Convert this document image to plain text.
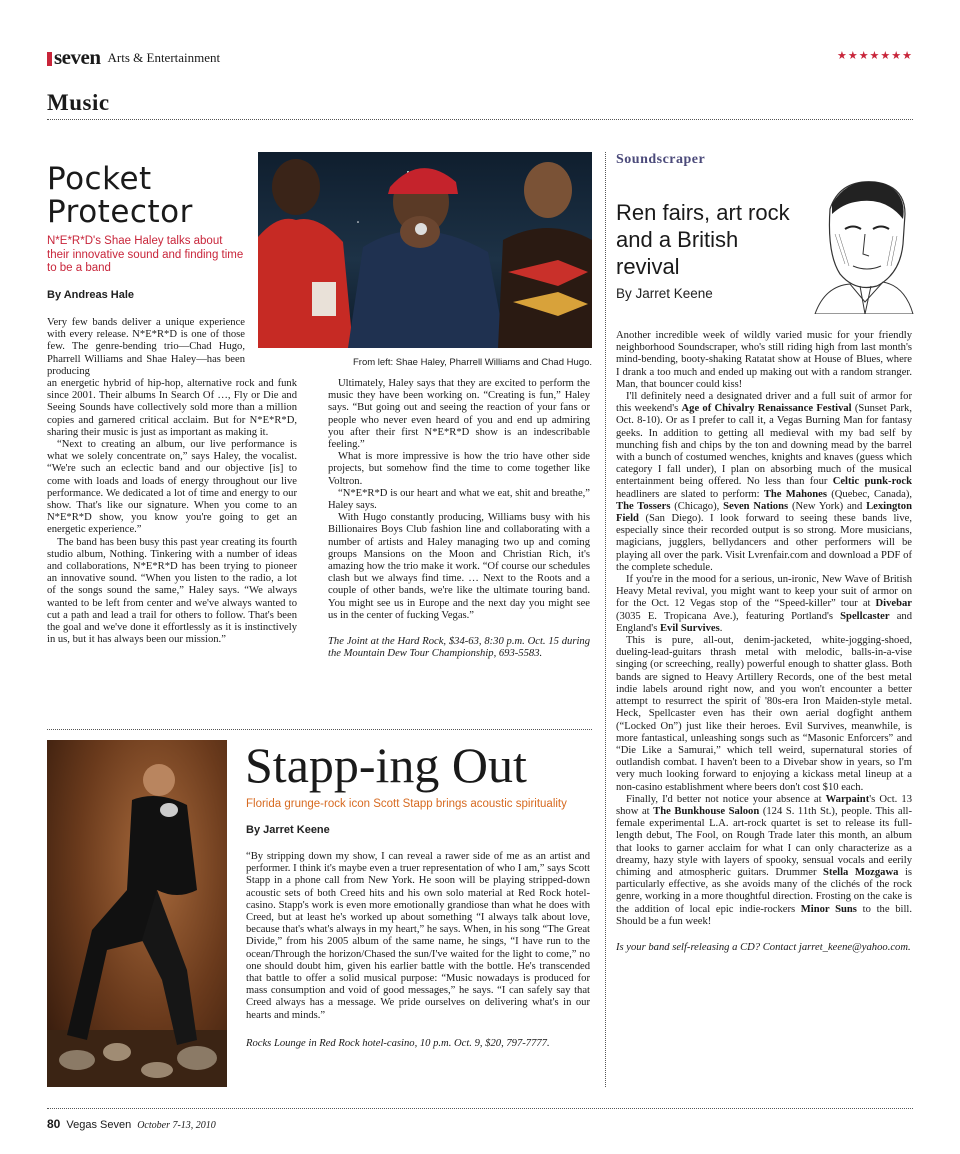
seven Arts & Entertainment	★★★★★★★
Music
Pocket Protector
N*E*R*D's Shae Haley talks about their innovative sound and finding time to be a band
By Andreas Hale
From left: Shae Haley, Pharrell Williams and Chad Hugo.

Very few bands deliver a unique experience with every release. N*E*R*D is one of those few. The genre-bending trio—Chad Hugo, Pharrell Williams and Shae Haley—has been producing

an energetic hybrid of hip-hop, alternative rock and funk since 2001. Their albums In Search Of …, Fly or Die and Seeing Sounds have collectively sold more than a million copies and garnered critical acclaim. But for N*E*R*D, sharing their music is just as important as making it.

“Next to creating an album, our live performance is what we solely concentrate on,” says Haley, the vocalist. “We're such an eclectic band and our objective [is] to come with loads and loads of energy throughout our live performance. We dedicated a lot of time and energy to our show. That's like our signature. When you come to an N*E*R*D show, you know you're going to get an energetic experience.”

The band has been busy this past year creating its fourth studio album, Nothing. Tinkering with a number of ideas and collaborations, N*E*R*D has been trying to pioneer an innovative sound. “When you listen to the radio, a lot of the songs sound the same,” Haley says. “We always wanted to be left from center and we've always wanted to cut a path and lead a trail for others to follow. That's been the goal and we've done it effortlessly as it is instinctively in us, but it has always been our mission.”

Ultimately, Haley says that they are excited to perform the music they have been working on. “Creating is fun,” Haley says. “But going out and seeing the reaction of your fans or people who never even heard of you and end up admiring you after their first N*E*R*D show is an indescribable feeling.”

What is more impressive is how the trio have other side projects, but somehow find the time to come together like Voltron.

“N*E*R*D is our heart and what we eat, shit and breathe,” Haley says.

With Hugo constantly producing, Williams busy with his Billionaires Boys Club fashion line and collaborating with a number of artists and Haley managing two up and coming groups Mansions on the Moon and Christian Rich, it's amazing how the trio make it work. “Of course our schedules clash but we always find time. … Next to the Roots and a couple of other bands, we're like the ultimate touring band. You might see us in Europe and the next day you might see us in the center of fucking Vegas.”

The Joint at the Hard Rock, $34-63, 8:30 p.m. Oct. 15 during the Mountain Dew Tour Championship, 693-5583.

Stapp-ing Out
Florida grunge-rock icon Scott Stapp brings acoustic spirituality
By Jarret Keene

“By stripping down my show, I can reveal a rawer side of me as an artist and performer. I think it's maybe even a truer representation of who I am,” says Scott Stapp in a phone call from New York. He soon will be playing stripped-down acoustic sets of both Creed hits and his own solo material at Red Rock hotel-casino. Stapp's work is even more emotionally grandiose than what he does with Creed, but at least he's worked up about something “I always talk about love, because that's what's always in my heart,” he says. When, in his song “The Great Divide,” from his 2005 album of the same name, he sings, “I have run to the ocean/Through the horizon/Chased the sun/I've waited for the light to come,” no one should doubt him, given his earlier battle with the bottle. He's transcended that battle to offer a solid musical purpose: “Music nowadays is produced for mass consumption and void of good messages,” he says. “I can safely say that Creed always has a message. We pride ourselves on delivering what's in our hearts and minds.”

Rocks Lounge in Red Rock hotel-casino, 10 p.m. Oct. 9, $20, 797-7777.

Soundscraper
Ren fairs, art rock and a British revival
By Jarret Keene

Another incredible week of wildly varied music for your friendly neighborhood Soundscraper, who's still riding high from last month's mind-bending, booty-shaking Ratatat show at House of Blues, where I drank a too much and ended up making out with a random stranger. Man, that bouncer could kiss!

I'll definitely need a designated driver and a full suit of armor for this weekend's Age of Chivalry Renaissance Festival (Sunset Park, Oct. 8-10). Or as I prefer to call it, a Vegas Burning Man for fantasy geeks. In addition to getting all medieval with my bad self by munching fish and chips by the ton and downing mead by the barrel with a bunch of costumed wenches, knights and knaves (guess which category I fall under), I plan on absorbing much of the musical entertainment being offered. No less than four Celtic punk-rock headliners are slated to perform: The Mahones (Quebec, Canada), The Tossers (Chicago), Seven Nations (New York) and Lexington Field (San Diego). I look forward to seeing these bands live, especially since their recorded output is so strong. More musicians, magicians, jugglers, bellydancers and other performers will be playing all over the park. Visit Lvrenfair.com and download a PDF of the complete schedule.

If you're in the mood for a serious, un-ironic, New Wave of British Heavy Metal revival, you might want to keep your suit of armor on for the Oct. 12 Vegas stop of the “Speed-killer” tour at Divebar (3035 E. Tropicana Ave.), featuring Portland's Spellcaster and England's Evil Survives.

This is pure, all-out, denim-jacketed, white-jogging-shoed, dueling-lead-guitars thrash metal with melodic, balls-in-a-vise singing (or screeching, really) powerful enough to shatter glass. Both bands are signed to Heavy Artillery Records, one of the best metal indie labels around right now, and you won't encounter a better attempt to resurrect the spirit of '80s-era Iron Maiden-style metal. Heck, Spellcaster even has their own aerial dogfight anthem (“Locked On”) just like their heroes. Evil Survives, meanwhile, is more fantastical, unleashing songs such as “Masonic Enforcers” and “Die Like a Samurai,” which tell weird, supernatural stories of outlandish combat. I haven't been to a Divebar show in years, so I'm very much looking forward to enjoying a kickass metal lineup at a non-casino establishment where beers don't cost $10 each.

Finally, I'd better not notice your absence at Warpaint's Oct. 13 show at The Bunkhouse Saloon (124 S. 11th St.), people. This all-female experimental L.A. art-rock quartet is set to release its full-length debut, The Fool, on Rough Trade later this month, an album that looks to garner acclaim for what I can only characterize as a dreamy, hazy style with layers of spooky, sensual vocals and eerily chiming and atmospheric guitars. Drummer Stella Mozgawa is particularly effective, as she avoids many of the clichés of the rock genre, working in a more thoughtful direction. Frosting on the cake is the addition of local epic indie-rockers Minor Suns to the bill. Should be a fun week!

Is your band self-releasing a CD? Contact jarret_keene@yahoo.com.

80 Vegas Seven October 7-13, 2010
